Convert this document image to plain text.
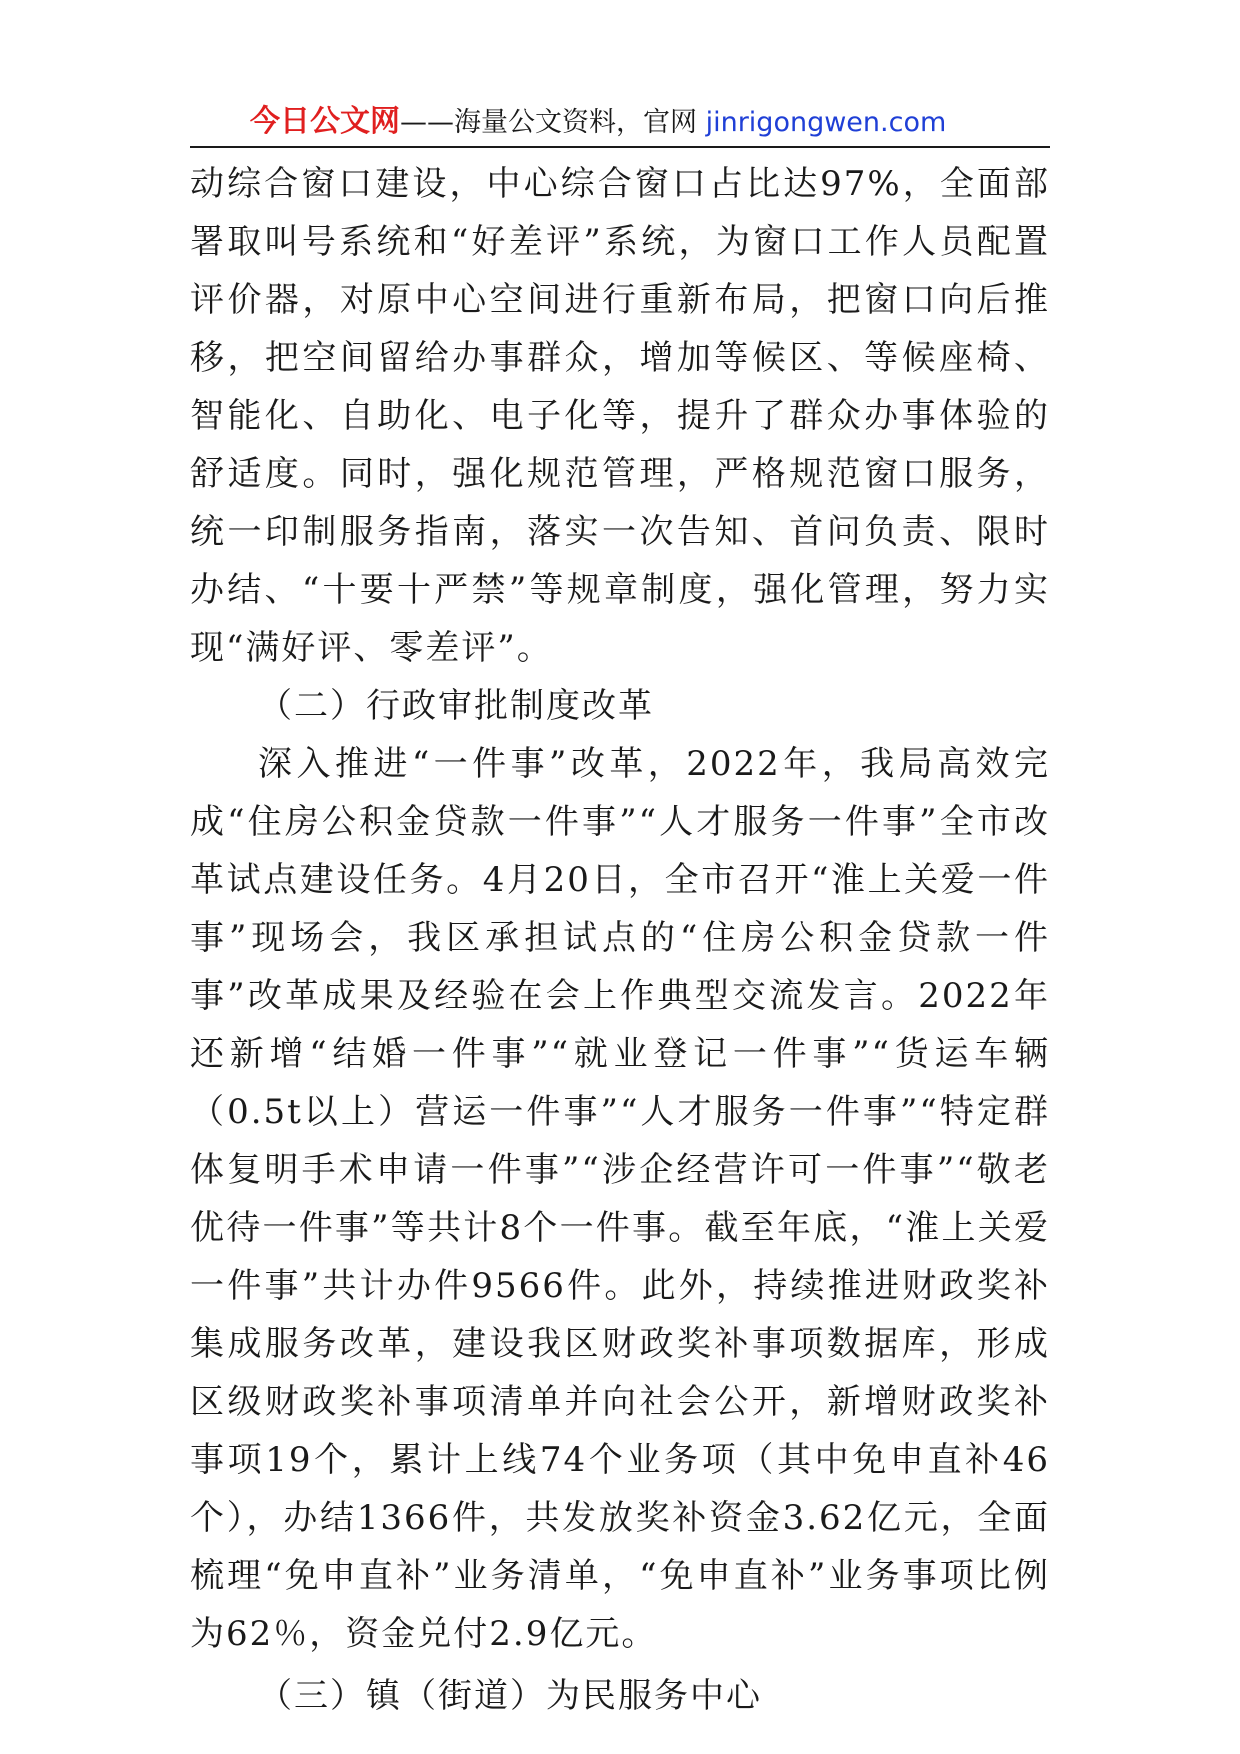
今日公文网——海量公文资料，官网 jinrigongwen.com

动综合窗口建设，中心综合窗口占比达97%，全面部署取叫号系统和“好差评”系统，为窗口工作人员配置评价器，对原中心空间进行重新布局，把窗口向后推移，把空间留给办事群众，增加等候区、等候座椅、智能化、自助化、电子化等，提升了群众办事体验的舒适度。同时，强化规范管理，严格规范窗口服务，统一印制服务指南，落实一次告知、首问负责、限时办结、“十要十严禁”等规章制度，强化管理，努力实现“满好评、零差评”。

（二）行政审批制度改革

深入推进“一件事”改革，2022年，我局高效完成“住房公积金贷款一件事”“人才服务一件事”全市改革试点建设任务。4月20日，全市召开“淮上关爱一件事”现场会，我区承担试点的“住房公积金贷款一件事”改革成果及经验在会上作典型交流发言。2022年还新增“结婚一件事”“就业登记一件事”“货运车辆（0.5t以上）营运一件事”“人才服务一件事”“特定群体复明手术申请一件事”“涉企经营许可一件事”“敬老优待一件事”等共计8个一件事。截至年底，“淮上关爱一件事”共计办件9566件。此外，持续推进财政奖补集成服务改革，建设我区财政奖补事项数据库，形成区级财政奖补事项清单并向社会公开，新增财政奖补事项19个，累计上线74个业务项（其中免申直补46个），办结1366件，共发放奖补资金3.62亿元，全面梳理“免申直补”业务清单，“免申直补”业务事项比例为62％，资金兑付2.9亿元。

（三）镇（街道）为民服务中心
